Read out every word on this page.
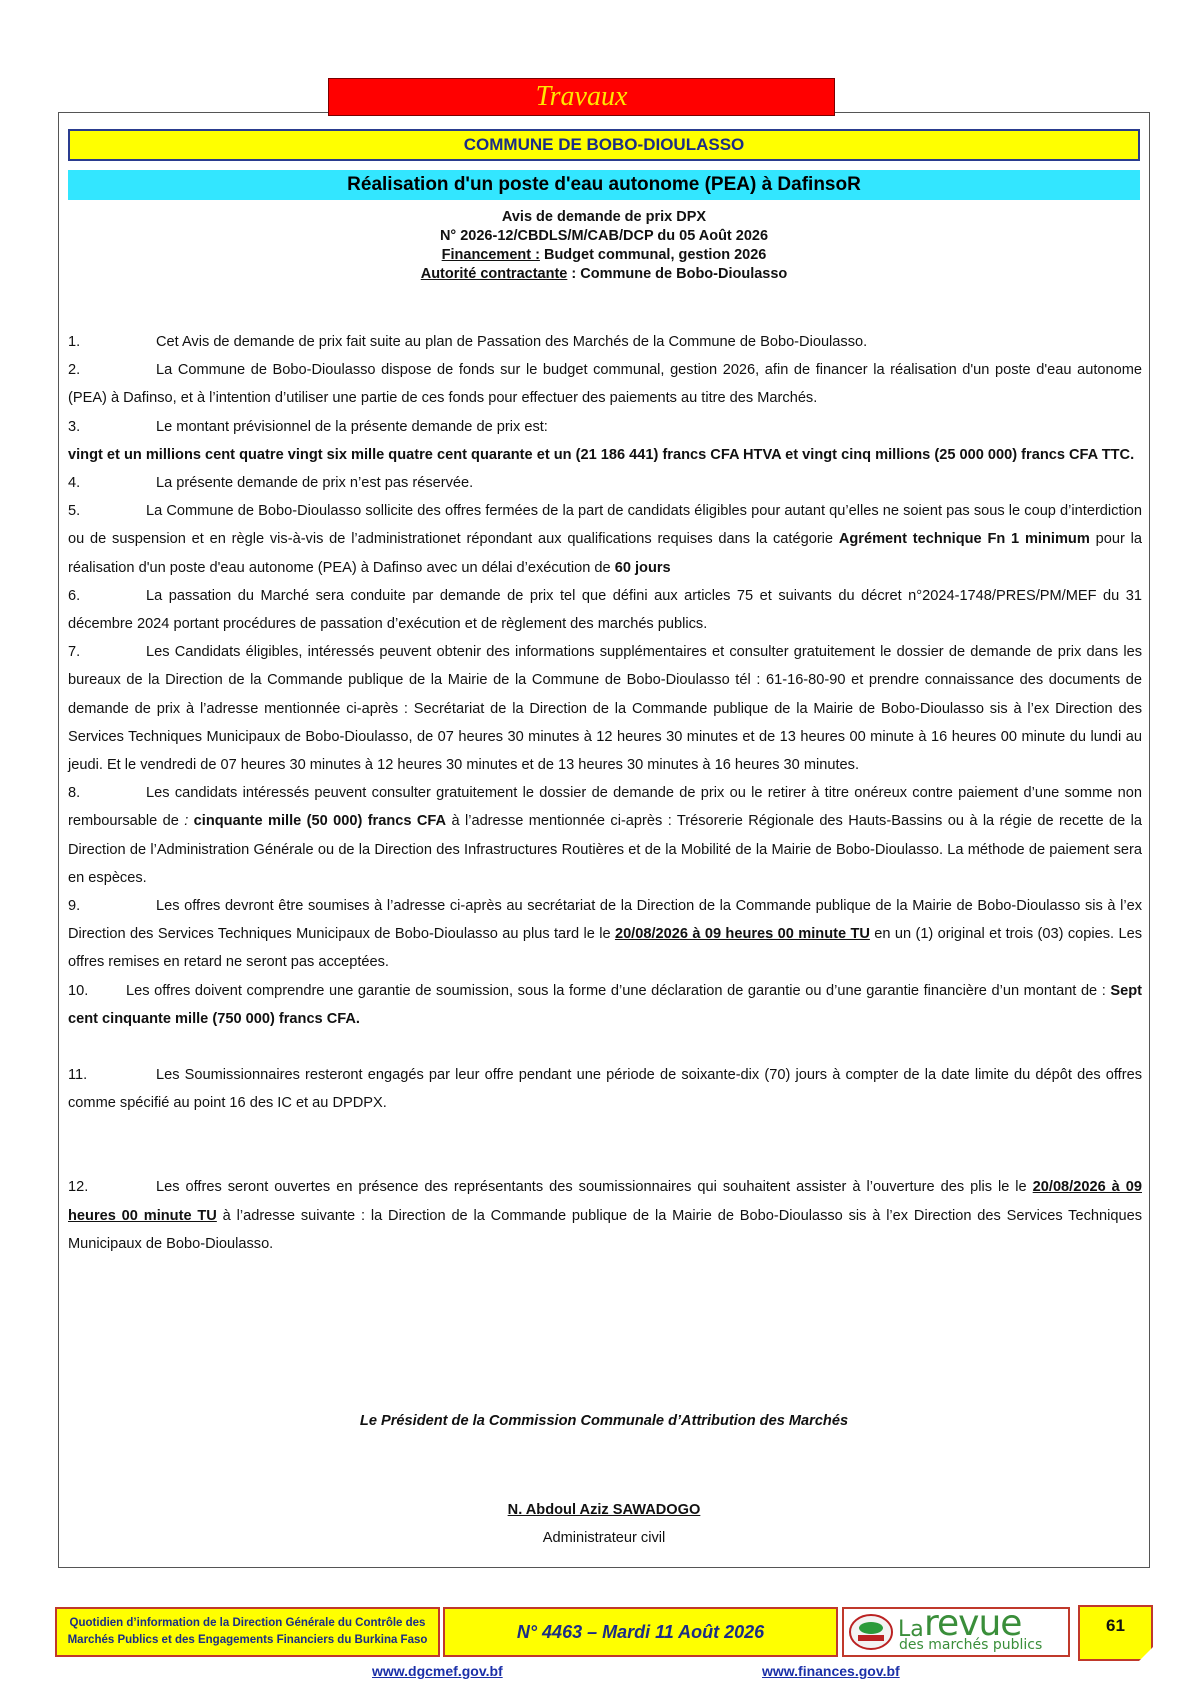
Travaux
COMMUNE DE BOBO-DIOULASSO
Réalisation d'un poste d'eau autonome (PEA) à DafinsoR
Avis de demande de prix DPX
N° 2026-12/CBDLS/M/CAB/DCP du 05 Août 2026
Financement : Budget communal, gestion 2026
Autorité contractante : Commune de Bobo-Dioulasso

1.	Cet Avis de demande de prix fait suite au plan de Passation des Marchés de la Commune de Bobo-Dioulasso.

2.	La Commune de Bobo-Dioulasso dispose de fonds sur le budget communal, gestion 2026, afin de financer la réalisation d'un poste d'eau autonome (PEA) à Dafinso, et à l’intention d’utiliser une partie de ces fonds pour effectuer des paiements au titre des Marchés.

3.	Le montant prévisionnel de la présente demande de prix est:

vingt et un millions cent quatre vingt six mille quatre cent quarante et un (21 186 441) francs CFA HTVA et vingt cinq millions (25 000 000) francs CFA TTC.

4.	La présente demande de prix n’est pas réservée.

5.	La Commune de Bobo-Dioulasso sollicite des offres fermées de la part de candidats éligibles pour autant qu’elles ne soient pas sous le coup d’interdiction ou de suspension et en règle vis-à-vis de l’administrationet répondant aux qualifications requises dans la catégorie Agrément technique Fn 1 minimum pour la réalisation d'un poste d'eau autonome (PEA) à Dafinso avec un délai d’exécution de 60 jours

6.	La passation du Marché sera conduite par demande de prix tel que défini aux articles 75 et suivants du décret n°2024-1748/PRES/PM/MEF du 31 décembre 2024 portant procédures de passation d’exécution et de règlement des marchés publics.

7.	Les Candidats éligibles, intéressés peuvent obtenir des informations supplémentaires et consulter gratuitement le dossier de demande de prix dans les bureaux de la Direction de la Commande publique de la Mairie de la Commune de Bobo-Dioulasso tél : 61-16-80-90 et prendre connaissance des documents de demande de prix à l’adresse mentionnée ci-après : Secrétariat de la Direction de la Commande publique de la Mairie de Bobo-Dioulasso sis à l’ex Direction des Services Techniques Municipaux de Bobo-Dioulasso, de 07 heures 30 minutes à 12 heures 30 minutes et de 13 heures 00 minute à 16 heures 00 minute du lundi au jeudi. Et le vendredi de 07 heures 30 minutes à 12 heures 30 minutes et de 13 heures 30 minutes à 16 heures 30 minutes.

8.	Les candidats intéressés peuvent consulter gratuitement le dossier de demande de prix ou le retirer à titre onéreux contre paiement d’une somme non remboursable de : cinquante mille (50 000) francs CFA à l’adresse mentionnée ci-après : Trésorerie Régionale des Hauts-Bassins ou à la régie de recette de la Direction de l’Administration Générale ou de la Direction des Infrastructures Routières et de la Mobilité de la Mairie de Bobo-Dioulasso. La méthode de paiement sera en espèces.

9.	Les offres devront être soumises à l’adresse ci-après au secrétariat de la Direction de la Commande publique de la Mairie de Bobo-Dioulasso sis à l’ex Direction des Services Techniques Municipaux de Bobo-Dioulasso au plus tard le le 20/08/2026 à 09 heures 00 minute TU en un (1) original et trois (03) copies. Les offres remises en retard ne seront pas acceptées.

10.	Les offres doivent comprendre une garantie de soumission, sous la forme d’une déclaration de garantie ou d’une garantie financière d’un montant de : Sept cent cinquante mille (750 000) francs CFA.

11.	Les Soumissionnaires resteront engagés par leur offre pendant une période de soixante-dix (70) jours à compter de la date limite du dépôt des offres comme spécifié au point 16 des IC et au DPDPX.

12.	Les offres seront ouvertes en présence des représentants des soumissionnaires qui souhaitent assister à l’ouverture des plis le le 20/08/2026 à 09 heures 00 minute TU à l’adresse suivante : la Direction de la Commande publique de la Mairie de Bobo-Dioulasso sis à l’ex Direction des Services Techniques Municipaux de Bobo-Dioulasso.

Le Président de la Commission Communale d’Attribution des Marchés
N. Abdoul Aziz SAWADOGO
Administrateur civil
Quotidien d’information de la Direction Générale du Contrôle des
Marchés Publics et des Engagements Financiers du Burkina Faso	N° 4463 – Mardi 11 Août 2026	La revue
des marchés publics
61
www.dgcmef.gov.bf	www.finances.gov.bf
